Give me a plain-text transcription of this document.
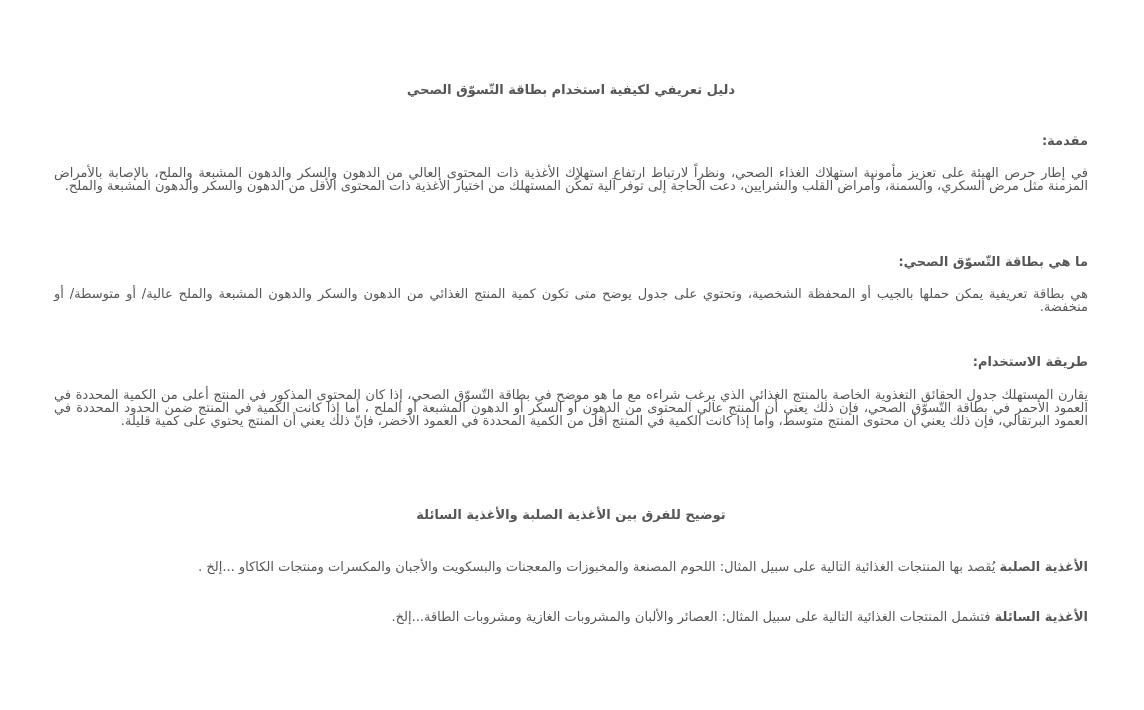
دليل تعريفي لكيفية استخدام بطاقة التّسوّق الصحي
مقدمة:

في إطار حرص الهيئة على تعزيز مأمونية استهلاك الغذاء الصحي، ونظراً لارتباط ارتفاع استهلاك الأغذية ذات المحتوى العالي من الدهون والسكر والدهون المشبعة والملح، بالإصابة بالأمراض المزمنة مثل مرض السكري، والسمنة، وأمراض القلب والشرايين، دعت الحاجة إلى توفر آلية تمكّن المستهلك من اختيار الأغذية ذات المحتوى الأقل من الدهون والسكر والدهون المشبعة والملح.

ما هي بطاقة التّسوّق الصحي:

هي بطاقة تعريفية يمكن حملها بالجيب أو المحفظة الشخصية، وتحتوي على جدول يوضح متى تكون كمية المنتج الغذائي من الدهون والسكر والدهون المشبعة والملح عالية/ أو متوسطة/ أو منخفضة.

طريقة الاستخدام:

يقارن المستهلك جدول الحقائق التغذوية الخاصة بالمنتج الغذائي الذي يرغب شراءه مع ما هو موضح في بطاقة التّسوّق الصحي، إذا كان المحتوى المذكور في المنتج أعلى من الكمية المحددة في العمود الأحمر في بطاقة التّسوّق الصحي، فإن ذلك يعني أن المنتج عالي المحتوى من الدهون أو السكر أو الدهون المشبعة أو الملح ، أما إذا كانت الكمية في المنتج ضمن الحدود المحددة في العمود البرتقالي، فإن ذلك يعني أن محتوى المنتج متوسط، وأما إذا كانت الكمية في المنتج أقل من الكمية المحددة في العمود الأخضر، فإنّ ذلك يعني أن المنتج يحتوي على كمية قليلة.

توضيح للفرق بين الأغذية الصلبة والأغذية السائلة

الأغذية الصلبة يُقصد بها المنتجات الغذائية التالية على سبيل المثال: اللحوم المصنعة والمخبوزات والمعجنات والبسكويت والأجبان والمكسرات ومنتجات الكاكاو ...إلخ .

الأغذية السائلة فتشمل المنتجات الغذائية التالية على سبيل المثال: العصائر والألبان والمشروبات الغازية ومشروبات الطاقة...إلخ.
